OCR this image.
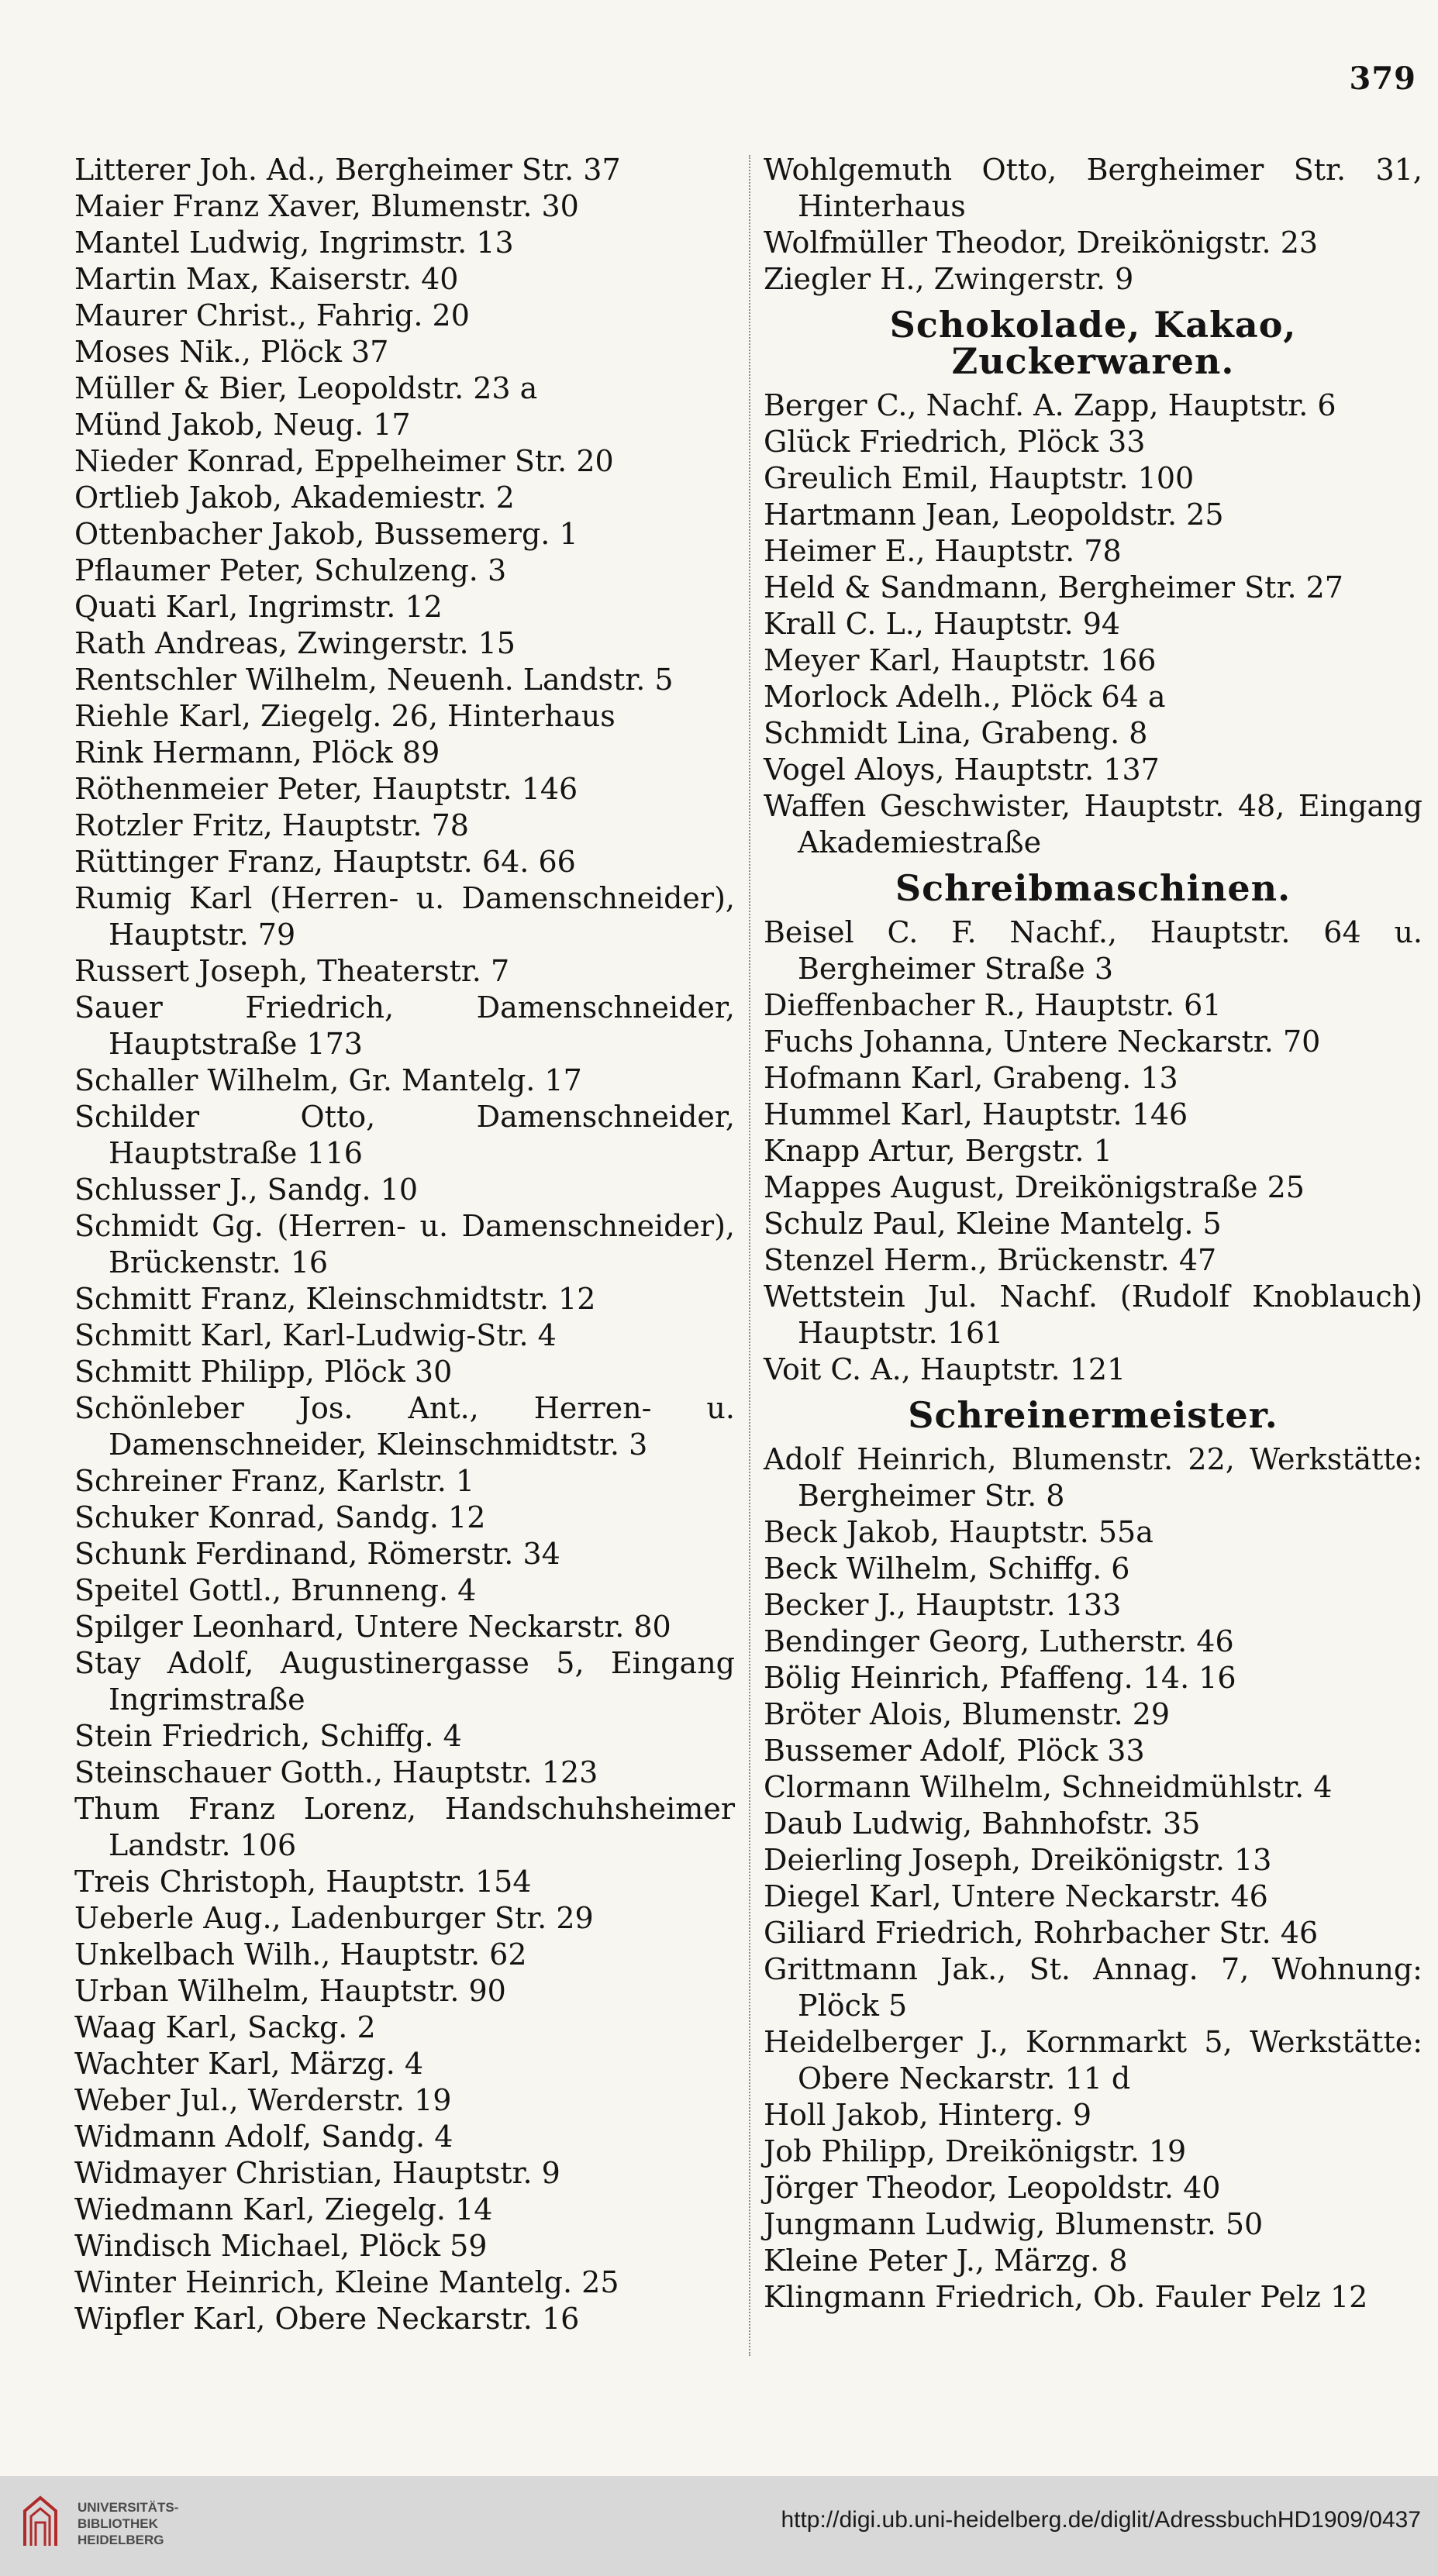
379
Litterer Joh. Ad., Bergheimer Str. 37
Maier Franz Xaver, Blumenstr. 30
Mantel Ludwig, Ingrimstr. 13
Martin Max, Kaiserstr. 40
Maurer Christ., Fahrig. 20
Moses Nik., Plöck 37
Müller & Bier, Leopoldstr. 23 a
Münd Jakob, Neug. 17
Nieder Konrad, Eppelheimer Str. 20
Ortlieb Jakob, Akademiestr. 2
Ottenbacher Jakob, Bussemerg. 1
Pflaumer Peter, Schulzeng. 3
Quati Karl, Ingrimstr. 12
Rath Andreas, Zwingerstr. 15
Rentschler Wilhelm, Neuenh. Landstr. 5
Riehle Karl, Ziegelg. 26, Hinterhaus
Rink Hermann, Plöck 89
Röthenmeier Peter, Hauptstr. 146
Rotzler Fritz, Hauptstr. 78
Rüttinger Franz, Hauptstr. 64. 66
Rumig Karl (Herren- u. Damenschneider), Hauptstr. 79
Russert Joseph, Theaterstr. 7
Sauer Friedrich, Damenschneider, Hauptstraße 173
Schaller Wilhelm, Gr. Mantelg. 17
Schilder Otto, Damenschneider, Hauptstraße 116
Schlusser J., Sandg. 10
Schmidt Gg. (Herren- u. Damenschneider), Brückenstr. 16
Schmitt Franz, Kleinschmidtstr. 12
Schmitt Karl, Karl-Ludwig-Str. 4
Schmitt Philipp, Plöck 30
Schönleber Jos. Ant., Herren- u. Damenschneider, Kleinschmidtstr. 3
Schreiner Franz, Karlstr. 1
Schuker Konrad, Sandg. 12
Schunk Ferdinand, Römerstr. 34
Speitel Gottl., Brunneng. 4
Spilger Leonhard, Untere Neckarstr. 80
Stay Adolf, Augustinergasse 5, Eingang Ingrimstraße
Stein Friedrich, Schiffg. 4
Steinschauer Gotth., Hauptstr. 123
Thum Franz Lorenz, Handschuhsheimer Landstr. 106
Treis Christoph, Hauptstr. 154
Ueberle Aug., Ladenburger Str. 29
Unkelbach Wilh., Hauptstr. 62
Urban Wilhelm, Hauptstr. 90
Waag Karl, Sackg. 2
Wachter Karl, Märzg. 4
Weber Jul., Werderstr. 19
Widmann Adolf, Sandg. 4
Widmayer Christian, Hauptstr. 9
Wiedmann Karl, Ziegelg. 14
Windisch Michael, Plöck 59
Winter Heinrich, Kleine Mantelg. 25
Wipfler Karl, Obere Neckarstr. 16
Wohlgemuth Otto, Bergheimer Str. 31, Hinterhaus
Wolfmüller Theodor, Dreikönigstr. 23
Ziegler H., Zwingerstr. 9
Schokolade, Kakao, Zuckerwaren.
Berger C., Nachf. A. Zapp, Hauptstr. 6
Glück Friedrich, Plöck 33
Greulich Emil, Hauptstr. 100
Hartmann Jean, Leopoldstr. 25
Heimer E., Hauptstr. 78
Held & Sandmann, Bergheimer Str. 27
Krall C. L., Hauptstr. 94
Meyer Karl, Hauptstr. 166
Morlock Adelh., Plöck 64 a
Schmidt Lina, Grabeng. 8
Vogel Aloys, Hauptstr. 137
Waffen Geschwister, Hauptstr. 48, Eingang Akademiestraße
Schreibmaschinen.
Beisel C. F. Nachf., Hauptstr. 64 u. Bergheimer Straße 3
Dieffenbacher R., Hauptstr. 61
Fuchs Johanna, Untere Neckarstr. 70
Hofmann Karl, Grabeng. 13
Hummel Karl, Hauptstr. 146
Knapp Artur, Bergstr. 1
Mappes August, Dreikönigstraße 25
Schulz Paul, Kleine Mantelg. 5
Stenzel Herm., Brückenstr. 47
Wettstein Jul. Nachf. (Rudolf Knoblauch) Hauptstr. 161
Voit C. A., Hauptstr. 121
Schreinermeister.
Adolf Heinrich, Blumenstr. 22, Werkstätte: Bergheimer Str. 8
Beck Jakob, Hauptstr. 55a
Beck Wilhelm, Schiffg. 6
Becker J., Hauptstr. 133
Bendinger Georg, Lutherstr. 46
Bölig Heinrich, Pfaffeng. 14. 16
Bröter Alois, Blumenstr. 29
Bussemer Adolf, Plöck 33
Clormann Wilhelm, Schneidmühlstr. 4
Daub Ludwig, Bahnhofstr. 35
Deierling Joseph, Dreikönigstr. 13
Diegel Karl, Untere Neckarstr. 46
Giliard Friedrich, Rohrbacher Str. 46
Grittmann Jak., St. Annag. 7, Wohnung: Plöck 5
Heidelberger J., Kornmarkt 5, Werkstätte: Obere Neckarstr. 11 d
Holl Jakob, Hinterg. 9
Job Philipp, Dreikönigstr. 19
Jörger Theodor, Leopoldstr. 40
Jungmann Ludwig, Blumenstr. 50
Kleine Peter J., Märzg. 8
Klingmann Friedrich, Ob. Fauler Pelz 12
UNIVERSITÄTS-
BIBLIOTHEK
HEIDELBERG
http://digi.ub.uni-heidelberg.de/diglit/AdressbuchHD1909/0437
